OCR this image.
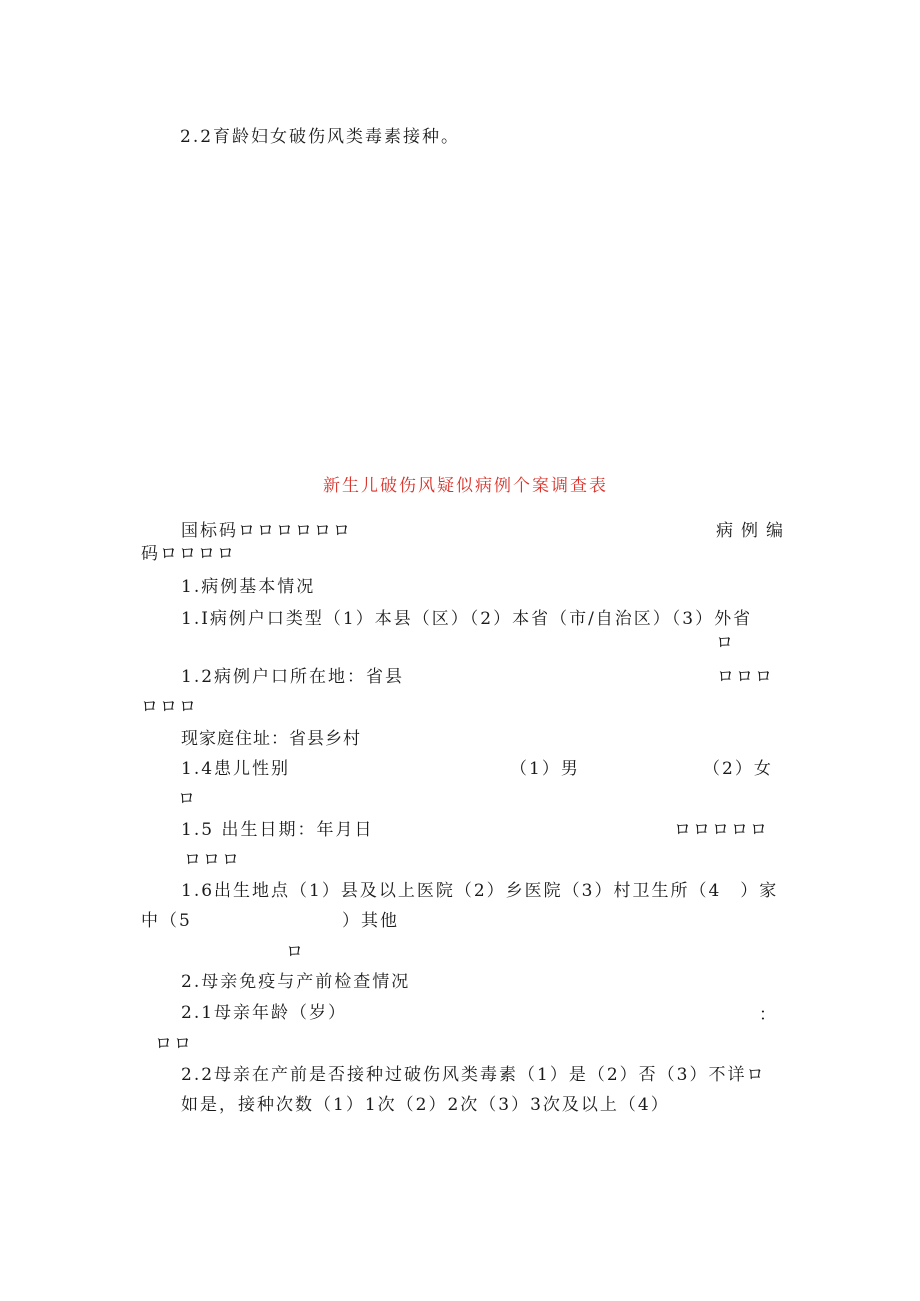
2.2育龄妇女破伤风类毒素接种。
新生儿破伤风疑似病例个案调查表
国标码ロロロロロロ	病例编
码ロロロロ
1.病例基本情况
1.I病例户口类型（1）本县（区）（2）本省（市/自治区）（3）外省
ロ
1.2病例户口所在地：省县	ロロロ
ロロロ
现家庭住址：省县乡村
1.4患儿性别	（1）男	（2）女
ロ
1.5 出生日期：年月日	ロロロロロ
ロロロ
1.6出生地点（1）县及以上医院（2）乡医院（3）村卫生所（4　）家
中（5	）其他
ロ
2.母亲免疫与产前检查情况
2.1母亲年龄（岁）	：
ロロ
2.2母亲在产前是否接种过破伤风类毒素（1）是（2）否（3）不详ロ
如是，接种次数（1）1次（2）2次（3）3次及以上（4）
